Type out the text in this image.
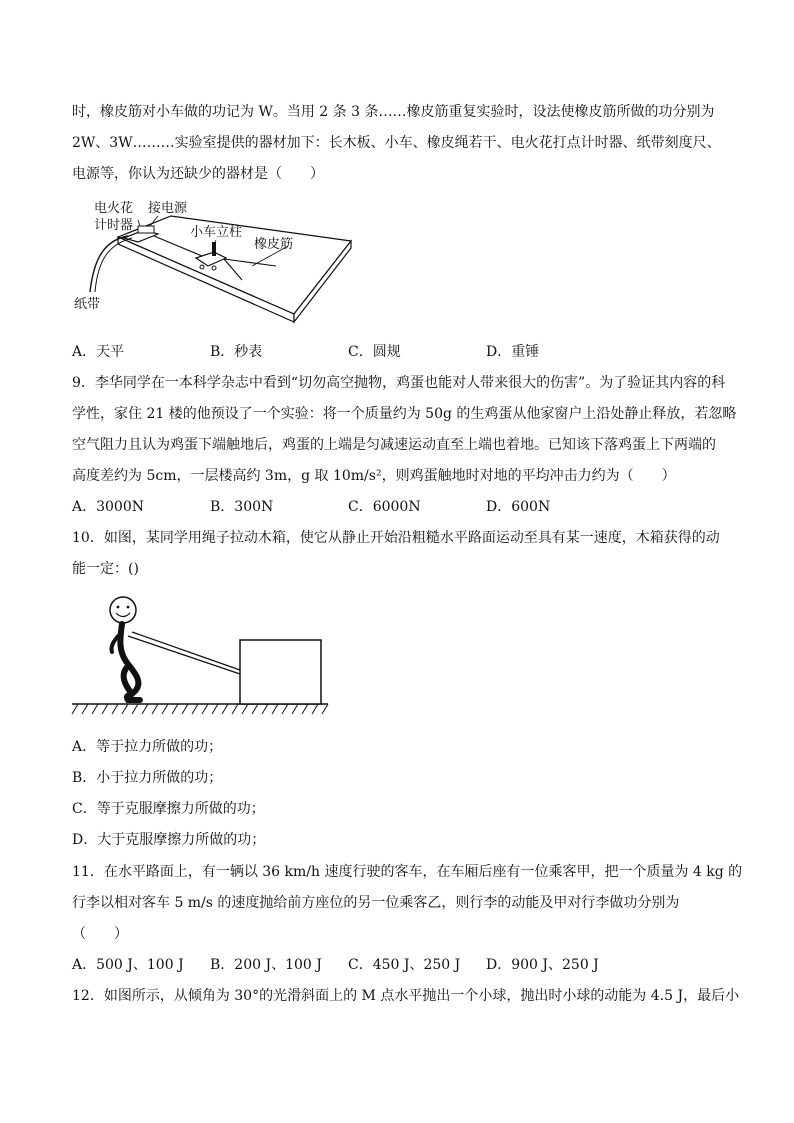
时，橡皮筋对小车做的功记为 W。当用 2 条 3 条……橡皮筋重复实验时，设法使橡皮筋所做的功分别为
2W、3W………实验室提供的器材加下：长木板、小车、橡皮绳若干、电火花打点计时器、纸带刻度尺、
电源等，你认为还缺少的器材是（　　）
电火花
计时器
接电源
小车立柱
橡皮筋
纸带
A．天平	B．秒表	C．圆规	D．重锤
9．李华同学在一本科学杂志中看到“切勿高空抛物，鸡蛋也能对人带来很大的伤害”。为了验证其内容的科
学性，家住 21 楼的他预设了一个实验：将一个质量约为 50g 的生鸡蛋从他家窗户上沿处静止释放，若忽略
空气阻力且认为鸡蛋下端触地后，鸡蛋的上端是匀减速运动直至上端也着地。已知该下落鸡蛋上下两端的
高度差约为 5cm，一层楼高约 3m，g 取 10m/s²，则鸡蛋触地时对地的平均冲击力约为（　　）
A．3000N	B．300N	C．6000N	D．600N
10．如图，某同学用绳子拉动木箱，使它从静止开始沿粗糙水平路面运动至具有某一速度，木箱获得的动
能一定：()
A．等于拉力所做的功；
B．小于拉力所做的功；
C．等于克服摩擦力所做的功；
D．大于克服摩擦力所做的功；
11．在水平路面上，有一辆以 36 km/h 速度行驶的客车，在车厢后座有一位乘客甲，把一个质量为 4 kg 的
行李以相对客车 5 m/s 的速度抛给前方座位的另一位乘客乙，则行李的动能及甲对行李做功分别为
（　　）
A．500 J、100 J B．200 J、100 J C．450 J、250 J D．900 J、250 J
12．如图所示，从倾角为 30°的光滑斜面上的 M 点水平抛出一个小球，抛出时小球的动能为 4.5 J，最后小
